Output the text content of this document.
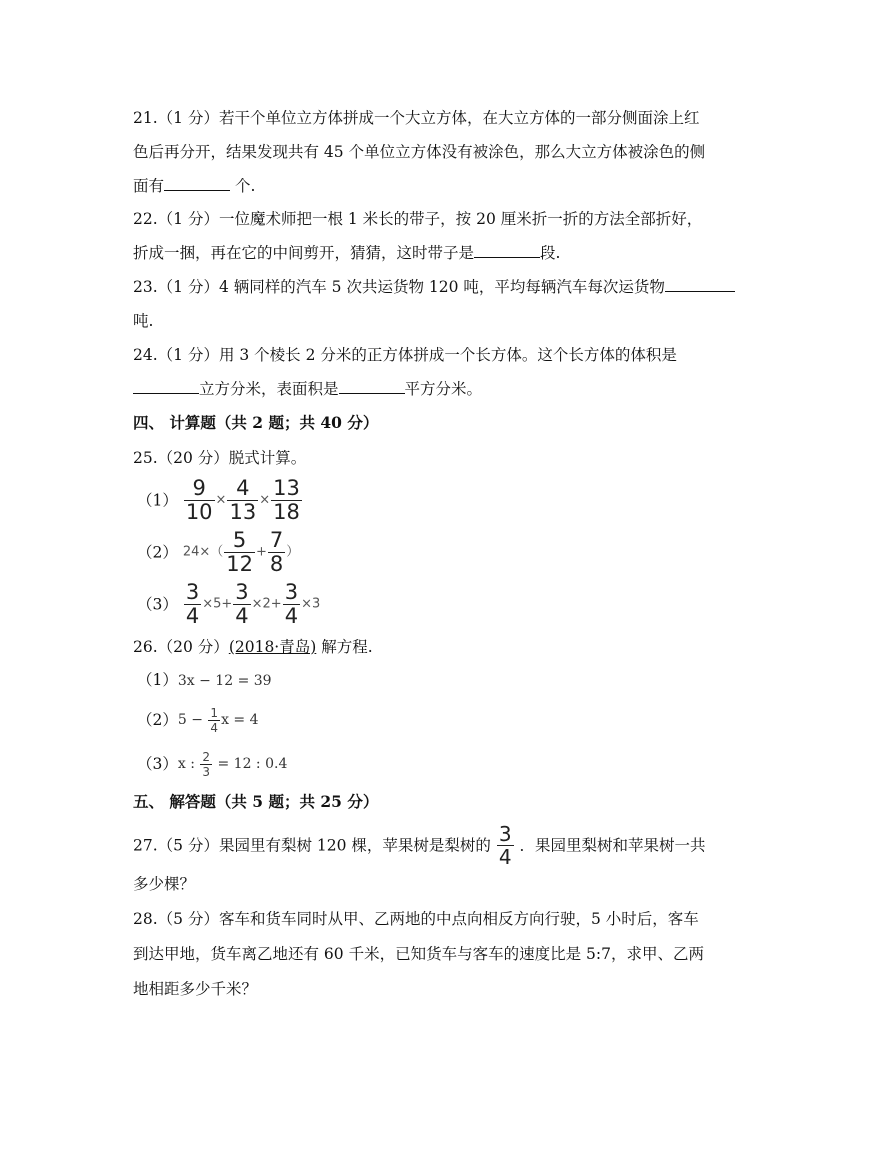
21.（1 分）若干个单位立方体拼成一个大立方体，在大立方体的一部分侧面涂上红
色后再分开，结果发现共有 45 个单位立方体没有被涂色，那么大立方体被涂色的侧
面有	个.
22.（1 分）一位魔术师把一根 1 米长的带子，按 20 厘米折一折的方法全部折好，
折成一捆，再在它的中间剪开，猜猜，这时带子是	段.
23.（1 分）4 辆同样的汽车 5 次共运货物 120 吨，平均每辆汽车每次运货物
吨.
24.（1 分）用 3 个棱长 2 分米的正方体拼成一个长方体。这个长方体的体积是
立方分米，表面积是	平方分米。
四、 计算题（共 2 题；共 40 分）
25.（20 分）脱式计算。
$(1) \frac{9}{10} \times \frac{4}{13} \times \frac{13}{18}$
（2） $24\times( \frac{5}{12} + \frac{7}{8}$ ）
$(3) \frac{3}{4} \times 5+ \frac{3}{4} \times 2+ \frac{3}{4} \times 3$
26.（20 分）(2018·青岛) 解方程.
（1）3x − 12 = 39
$(2)5 - \frac{1}{4}$ x = 4
（3）x : $\frac{2}{3} = 12$ : 0.4
五、 解答题（共 5 题；共 25 分）
27.（5 分）果园里有梨树 120 棵，苹果树是梨树的 $\frac{3}{4}$ ．果园里梨树和苹果树一共
多少棵？
28.（5 分）客车和货车同时从甲、乙两地的中点向相反方向行驶，5 小时后，客车
到达甲地，货车离乙地还有 60 千米，已知货车与客车的速度比是 5:7，求甲、乙两
地相距多少千米？
